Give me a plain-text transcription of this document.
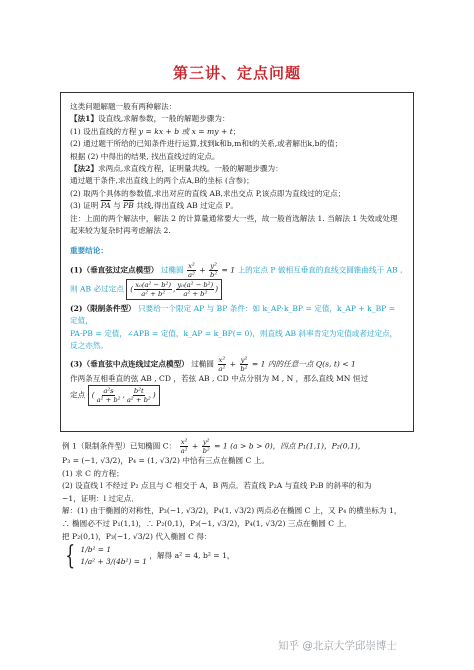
第三讲、定点问题

这类问题解题一般有两种解法：

【法1】设直线,求解参数，一般的解题步骤为：

(1) 设出直线的方程 y = kx + b 或 x = my + t；

(2) 通过题干所给的已知条件进行运算,找到k和b,m和t的关系,或者解出k,b的值；

根据 (2) 中得出的结果, 找出直线过的定点。

【法2】求两点,求直线方程，证明量共线。一般的解题步骤为：

通过题干条件,求出直线上的两个点A,B的坐标 (含参)；

(2) 取两个具体的参数值,求出对应的直线 AB,求出交点 P,该点即为直线过的定点；

(3) 证明 $\overline{PA}$ 与 $\overline{PB}$ 共线,得出直线 AB 过定点 P。

注：上面的两个解法中，解法 2 的计算量通常要大一些，故一般首选解法 1. 当解法 1 失效或处理起来较为复杂时再考虑解法 2.

重要结论：

(1)（垂直弦过定点模型） 过椭圆 $\frac{\text{x²}}{\text{a²}} + \frac{\text{y²}}{\text{b²}} = 1$ 上的定点 P 做相互垂直的直线交圆锥曲线于 AB ,则 AB 必过定点 ( $\frac{\text{x₀(a² − b²)}}{\text{a² + b²}}$ , $\frac{\text{y₀(a² − b²)}}{\text{a² + b²}}$ )

(2)（限制条件型） 只要给一个限定 AP 与 BP 条件：如 k_AP·k_BP = 定值，k_AP + k_BP = 定值，

PA·PB = 定值，∠APB = 定值，k_AP = k_BP(= 0)，则直线 AB 斜率肯定为定值或者过定点，

反之亦然。

(3)（垂直弦中点连线过定点模型） 过椭圆 $\frac{\text{x²}}{\text{a²}} + \frac{\text{y²}}{\text{b²}} = 1$ 内的任意一点 Q(s, t) < 1

作两条互相垂直的弦 AB , CD ，若弦 AB , CD 中点分别为 M , N ，那么直线 MN 恒过

定点 ( $\frac{\text{a²s}}{\text{a² + b²}}$ , $\frac{\text{b²t}}{\text{a² + b²}}$ )

例 1（限制条件型）已知椭圆 C： $\frac{\text{x²}}{\text{a²}} + \frac{\text{y²}}{\text{b²}} = 1$ (a > b > 0)，四点 P₁(1,1)，P₂(0,1)，

P₃ = (−1, √3/2)，P₄ = (1, √3/2) 中恰有三点在椭圆 C 上。

(1) 求 C 的方程；

(2) 设直线 l 不经过 P₂ 点且与 C 相交于 A，B 两点．若直线 P₂A 与直线 P₂B 的斜率的和为

−1，证明：l 过定点．

解：(1) 由于椭圆的对称性，P₃(−1, √3/2)，P₄(1, √3/2) 两点必在椭圆 C 上，又 P₄ 的横坐标为 1，

∴ 椭圆必不过 P₁(1,1)，∴ P₂(0,1)，P₃(−1, √3/2)，P₄(1, √3/2) 三点在椭圆 C 上．

把 P₂(0,1)，P₃(−1, √3/2) 代入椭圆 C 得：

{ 1/b² = 1
1/a² + 3/(4b²) = 1
，解得 a² = 4, b² = 1，

知乎 @北京大学邱崇博士
